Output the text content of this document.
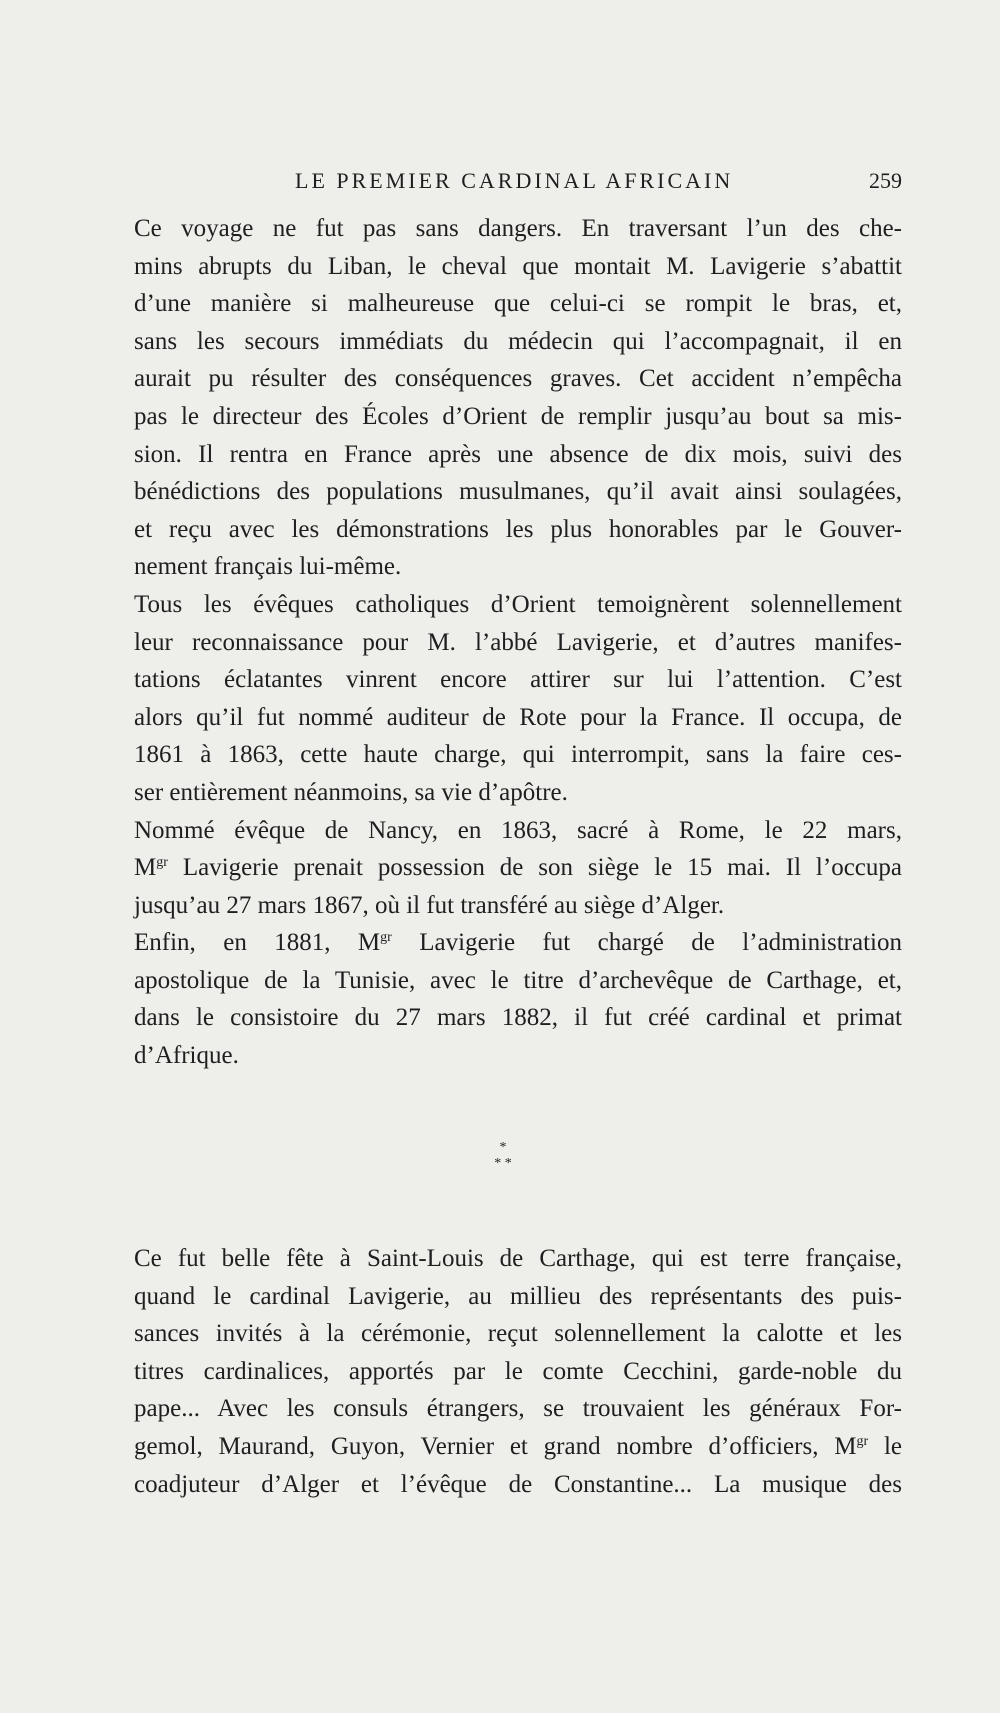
LE PREMIER CARDINAL AFRICAIN	259

Ce voyage ne fut pas sans dangers. En traversant l’un des che-
mins abrupts du Liban, le cheval que montait M. Lavigerie s’abattit
d’une manière si malheureuse que celui-ci se rompit le bras, et,
sans les secours immédiats du médecin qui l’accompagnait, il en
aurait pu résulter des conséquences graves. Cet accident n’empêcha
pas le directeur des Écoles d’Orient de remplir jusqu’au bout sa mis-
sion. Il rentra en France après une absence de dix mois, suivi des
bénédictions des populations musulmanes, qu’il avait ainsi soulagées,
et reçu avec les démonstrations les plus honorables par le Gouver-
nement français lui-même.

Tous les évêques catholiques d’Orient temoignèrent solennellement
leur reconnaissance pour M. l’abbé Lavigerie, et d’autres manifes-
tations éclatantes vinrent encore attirer sur lui l’attention. C’est
alors qu’il fut nommé auditeur de Rote pour la France. Il occupa, de
1861 à 1863, cette haute charge, qui interrompit, sans la faire ces-
ser entièrement néanmoins, sa vie d’apôtre.

Nommé évêque de Nancy, en 1863, sacré à Rome, le 22 mars,
$M^{gr}$ Lavigerie prenait possession de son siège le 15 mai. Il l’occupa
jusqu’au 27 mars 1867, où il fut transféré au siège d’Alger.

Enfin, en 1881, $M^{gr}$ Lavigerie fut chargé de l’administration
apostolique de la Tunisie, avec le titre d’archevêque de Carthage, et,
dans le consistoire du 27 mars 1882, il fut créé cardinal et primat
d’Afrique.

*
* *

Ce fut belle fête à Saint-Louis de Carthage, qui est terre française,
quand le cardinal Lavigerie, au millieu des représentants des puis-
sances invités à la cérémonie, reçut solennellement la calotte et les
titres cardinalices, apportés par le comte Cecchini, garde-noble du
pape... Avec les consuls étrangers, se trouvaient les généraux For-
gemol, Maurand, Guyon, Vernier et grand nombre d’officiers, $M^{gr}$ le
coadjuteur d’Alger et l’évêque de Constantine... La musique des
